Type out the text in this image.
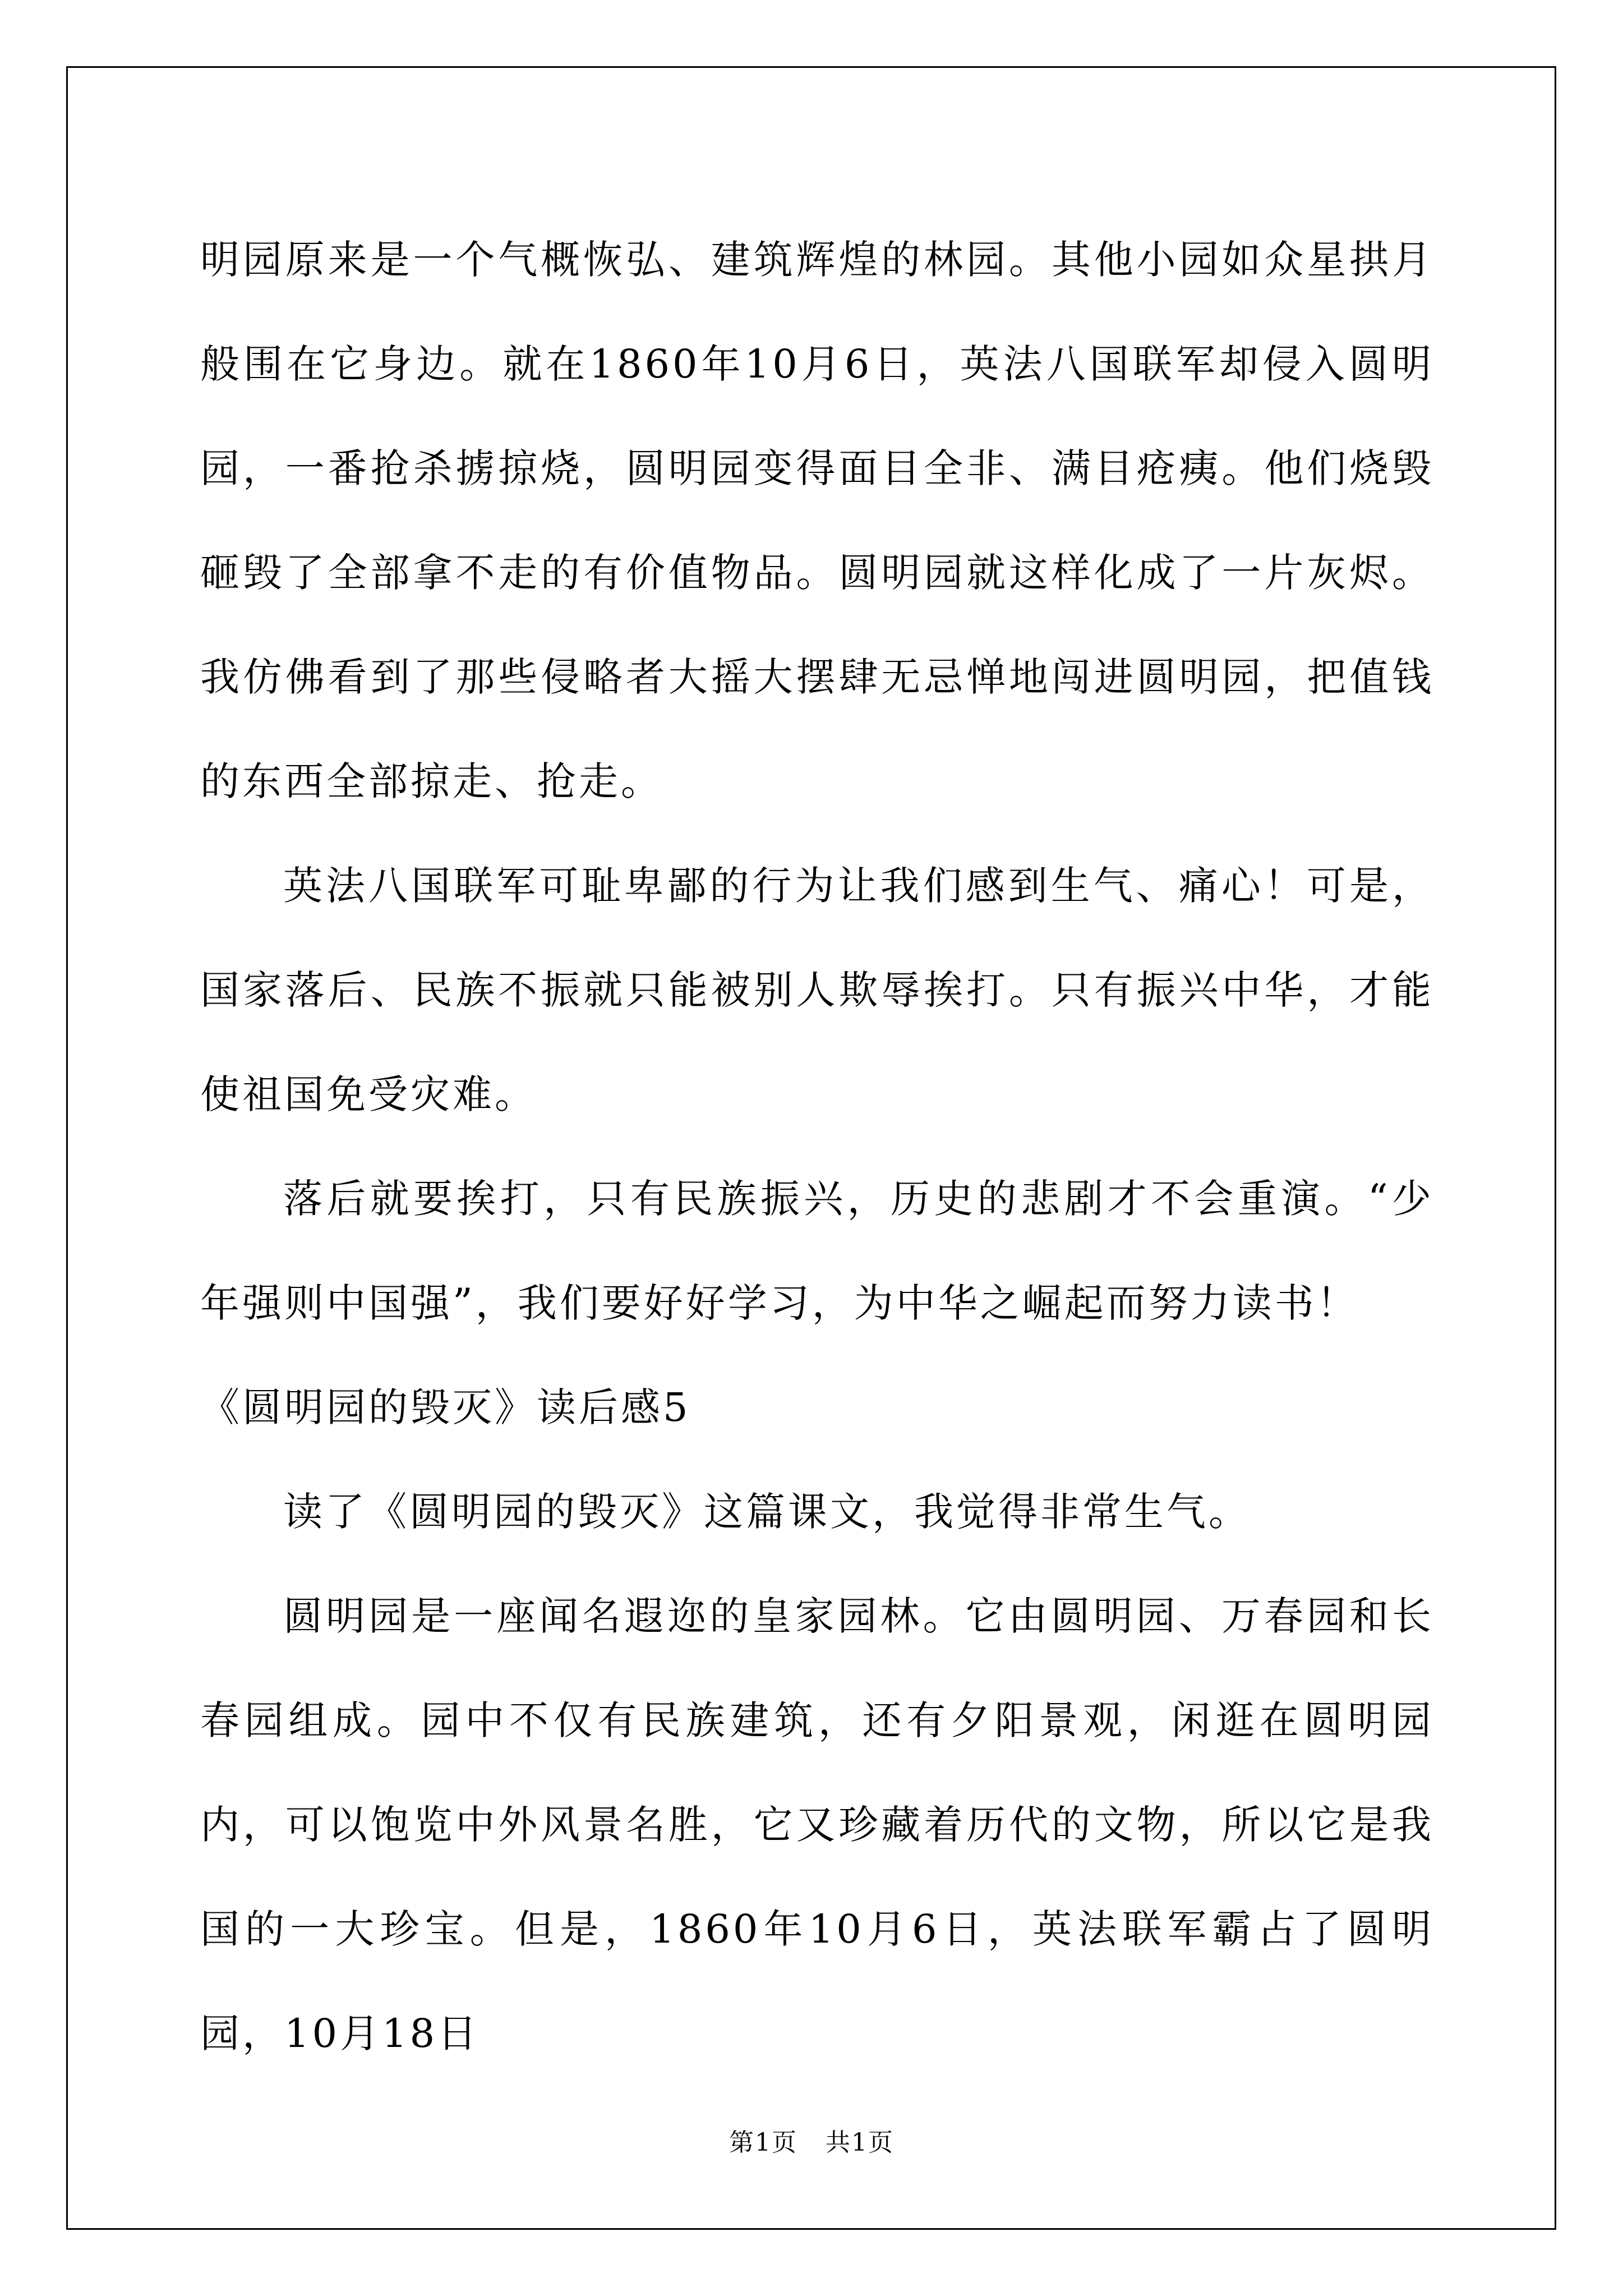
明园原来是一个气概恢弘、建筑辉煌的林园。其他小园如众星拱月般围在它身边。就在1860年10月6日，英法八国联军却侵入圆明园，一番抢杀掳掠烧，圆明园变得面目全非、满目疮痍。他们烧毁砸毁了全部拿不走的有价值物品。圆明园就这样化成了一片灰烬。我仿佛看到了那些侵略者大摇大摆肆无忌惮地闯进圆明园，把值钱的东西全部掠走、抢走。

英法八国联军可耻卑鄙的行为让我们感到生气、痛心！可是，国家落后、民族不振就只能被别人欺辱挨打。只有振兴中华，才能使祖国免受灾难。

落后就要挨打，只有民族振兴，历史的悲剧才不会重演。“少年强则中国强”，我们要好好学习，为中华之崛起而努力读书！

《圆明园的毁灭》读后感5

读了《圆明园的毁灭》这篇课文，我觉得非常生气。

圆明园是一座闻名遐迩的皇家园林。它由圆明园、万春园和长春园组成。园中不仅有民族建筑，还有夕阳景观，闲逛在圆明园内，可以饱览中外风景名胜，它又珍藏着历代的文物，所以它是我国的一大珍宝。但是，1860年10月6日，英法联军霸占了圆明园，10月18日

第1页 共1页
